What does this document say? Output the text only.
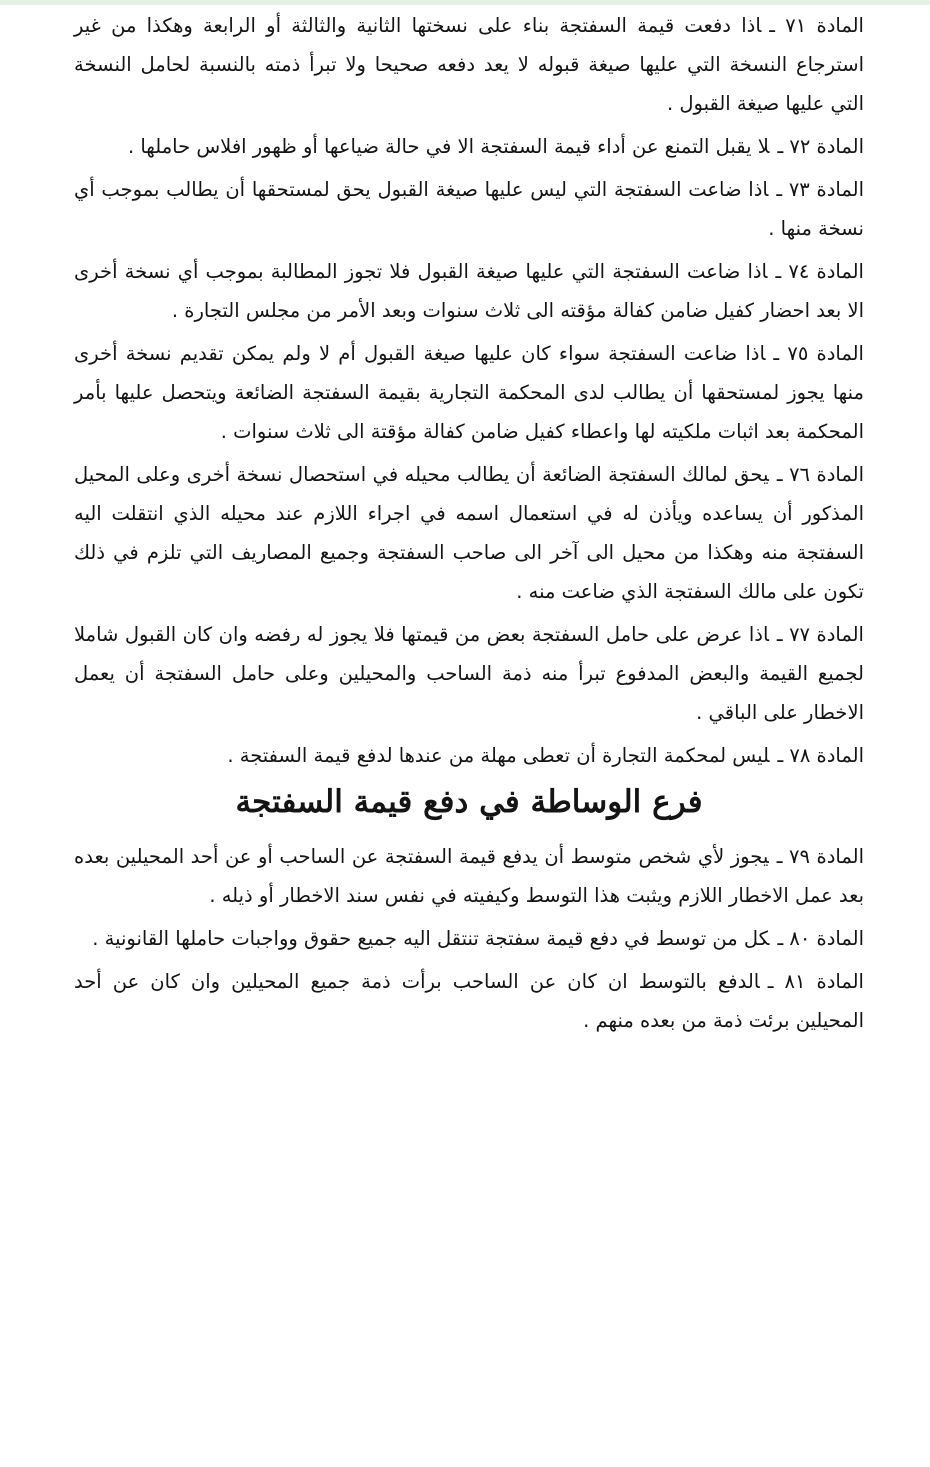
المادة ٧١ ـاذا دفعت قيمة السفتجة بناء على نسختها الثانية والثالثة أو الرابعة وهكذا من غير استرجاع النسخة التي عليها صيغة قبوله لا يعد دفعه صحيحا ولا تبرأ ذمته بالنسبة لحامل النسخة التي عليها صيغة القبول .

المادة ٧٢ ـلا يقبل التمنع عن أداء قيمة السفتجة الا في حالة ضياعها أو ظهور افلاس حاملها .

المادة ٧٣ ـاذا ضاعت السفتجة التي ليس عليها صيغة القبول يحق لمستحقها أن يطالب بموجب أي نسخة منها .

المادة ٧٤ ـاذا ضاعت السفتجة التي عليها صيغة القبول فلا تجوز المطالبة بموجب أي نسخة أخرى الا بعد احضار كفيل ضامن كفالة مؤقته الى ثلاث سنوات وبعد الأمر من مجلس التجارة .

المادة ٧٥ ـاذا ضاعت السفتجة سواء كان عليها صيغة القبول أم لا ولم يمكن تقديم نسخة أخرى منها يجوز لمستحقها أن يطالب لدى المحكمة التجارية بقيمة السفتجة الضائعة ويتحصل عليها بأمر المحكمة بعد اثبات ملكيته لها واعطاء كفيل ضامن كفالة مؤقتة الى ثلاث سنوات .

المادة ٧٦ ـيحق لمالك السفتجة الضائعة أن يطالب محيله في استحصال نسخة أخرى وعلى المحيل المذكور أن يساعده ويأذن له في استعمال اسمه في اجراء اللازم عند محيله الذي انتقلت اليه السفتجة منه وهكذا من محيل الى آخر الى صاحب السفتجة وجميع المصاريف التي تلزم في ذلك تكون على مالك السفتجة الذي ضاعت منه .

المادة ٧٧ ـاذا عرض على حامل السفتجة بعض من قيمتها فلا يجوز له رفضه وان كان القبول شاملا لجميع القيمة والبعض المدفوع تبرأ منه ذمة الساحب والمحيلين وعلى حامل السفتجة أن يعمل الاخطار على الباقي .

المادة ٧٨ ـليس لمحكمة التجارة أن تعطى مهلة من عندها لدفع قيمة السفتجة .

فرع الوساطة في دفع قيمة السفتجة

المادة ٧٩ ـيجوز لأي شخص متوسط أن يدفع قيمة السفتجة عن الساحب أو عن أحد المحيلين بعده بعد عمل الاخطار اللازم ويثبت هذا التوسط وكيفيته في نفس سند الاخطار أو ذيله .

المادة ٨٠ ـكل من توسط في دفع قيمة سفتجة تنتقل اليه جميع حقوق وواجبات حاملها القانونية .

المادة ٨١ ـالدفع بالتوسط ان كان عن الساحب برأت ذمة جميع المحيلين وان كان عن أحد المحيلين برئت ذمة من بعده منهم .
